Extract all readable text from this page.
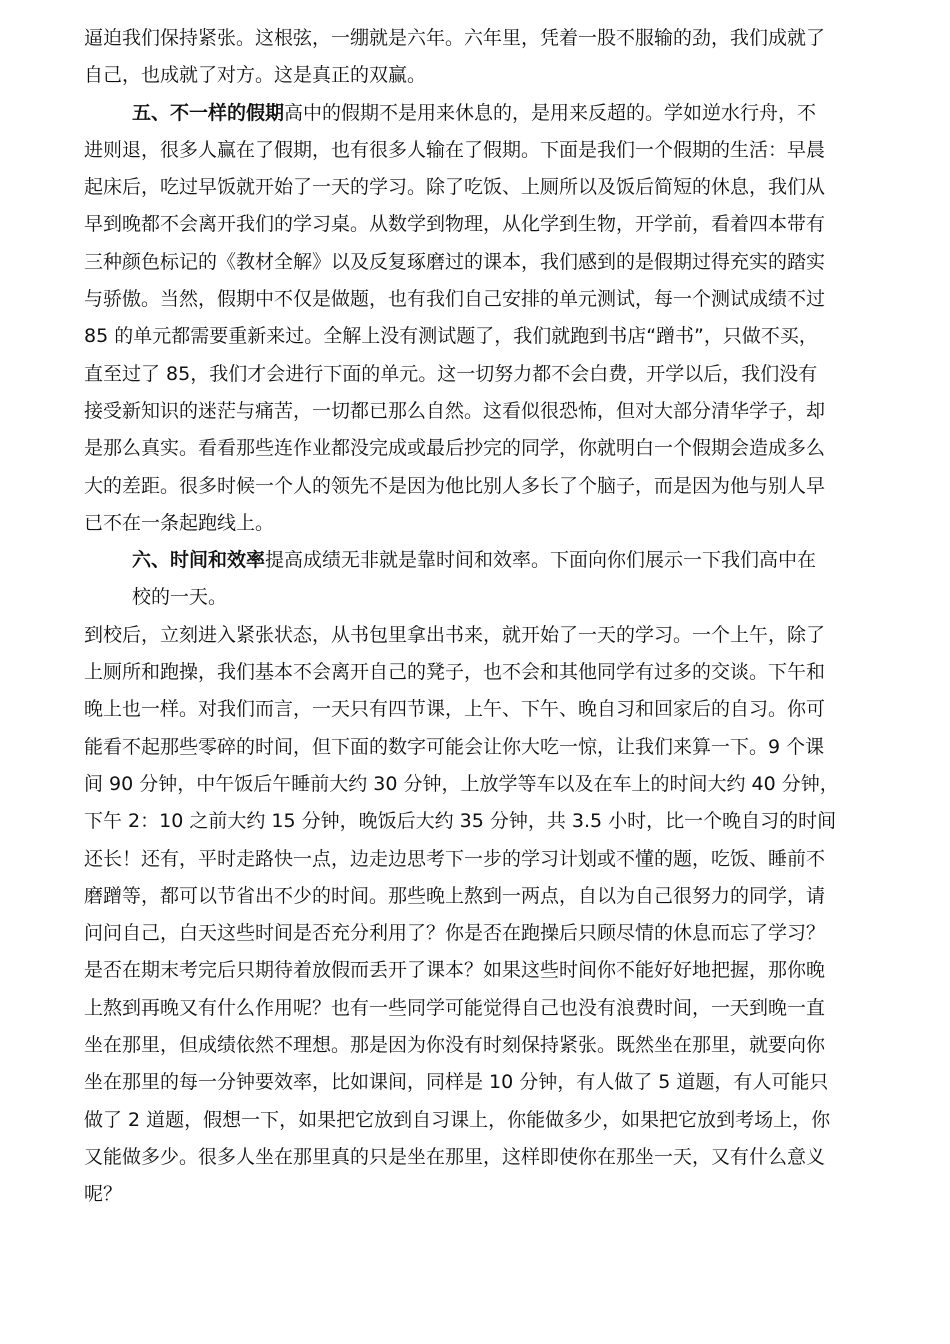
逼迫我们保持紧张。这根弦，一绷就是六年。六年里，凭着一股不服输的劲，我们成就了
自己，也成就了对方。这是真正的双赢。
五、不一样的假期高中的假期不是用来休息的，是用来反超的。学如逆水行舟，不
进则退，很多人赢在了假期，也有很多人输在了假期。下面是我们一个假期的生活：早晨
起床后，吃过早饭就开始了一天的学习。除了吃饭、上厕所以及饭后简短的休息，我们从
早到晚都不会离开我们的学习桌。从数学到物理，从化学到生物，开学前，看着四本带有
三种颜色标记的《教材全解》以及反复琢磨过的课本，我们感到的是假期过得充实的踏实
与骄傲。当然，假期中不仅是做题，也有我们自己安排的单元测试，每一个测试成绩不过
85 的单元都需要重新来过。全解上没有测试题了，我们就跑到书店“蹭书”，只做不买，
直至过了 85，我们才会进行下面的单元。这一切努力都不会白费，开学以后，我们没有
接受新知识的迷茫与痛苦，一切都已那么自然。这看似很恐怖，但对大部分清华学子，却
是那么真实。看看那些连作业都没完成或最后抄完的同学，你就明白一个假期会造成多么
大的差距。很多时候一个人的领先不是因为他比别人多长了个脑子，而是因为他与别人早
已不在一条起跑线上。
六、时间和效率提高成绩无非就是靠时间和效率。下面向你们展示一下我们高中在
校的一天。
到校后，立刻进入紧张状态，从书包里拿出书来，就开始了一天的学习。一个上午，除了
上厕所和跑操，我们基本不会离开自己的凳子，也不会和其他同学有过多的交谈。下午和
晚上也一样。对我们而言，一天只有四节课，上午、下午、晚自习和回家后的自习。你可
能看不起那些零碎的时间，但下面的数字可能会让你大吃一惊，让我们来算一下。9 个课
间 90 分钟，中午饭后午睡前大约 30 分钟，上放学等车以及在车上的时间大约 40 分钟，
下午 2：10 之前大约 15 分钟，晚饭后大约 35 分钟，共 3.5 小时，比一个晚自习的时间
还长！还有，平时走路快一点，边走边思考下一步的学习计划或不懂的题，吃饭、睡前不
磨蹭等，都可以节省出不少的时间。那些晚上熬到一两点，自以为自己很努力的同学，请
问问自己，白天这些时间是否充分利用了？你是否在跑操后只顾尽情的休息而忘了学习？
是否在期末考完后只期待着放假而丢开了课本？如果这些时间你不能好好地把握，那你晚
上熬到再晚又有什么作用呢？也有一些同学可能觉得自己也没有浪费时间，一天到晚一直
坐在那里，但成绩依然不理想。那是因为你没有时刻保持紧张。既然坐在那里，就要向你
坐在那里的每一分钟要效率，比如课间，同样是 10 分钟，有人做了 5 道题，有人可能只
做了 2 道题，假想一下，如果把它放到自习课上，你能做多少，如果把它放到考场上，你
又能做多少。很多人坐在那里真的只是坐在那里，这样即使你在那坐一天，又有什么意义
呢？
